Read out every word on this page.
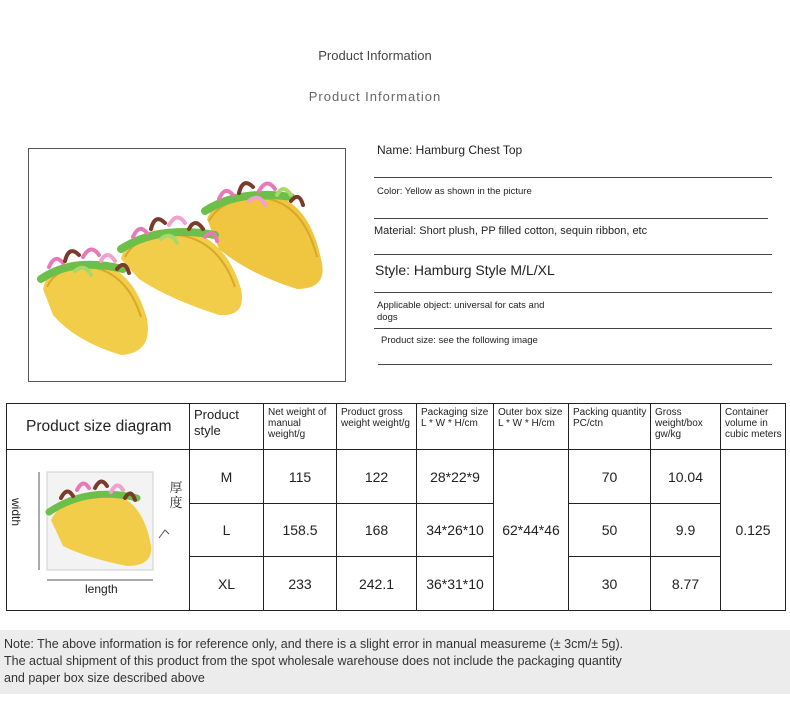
Product Information
Product Information
Name: Hamburg Chest Top
Color: Yellow as shown in the picture
Material: Short plush, PP filled cotton, sequin ribbon, etc
Style: Hamburg Style M/L/XL
Applicable object: universal for cats and dogs
Product size: see the following image
Product size diagram	Product style	Net weight of manual weight/g	Product gross weight weight/g	Packaging size L * W * H/cm	Outer box size L * W * H/cm	Packing quantity PC/ctn	Gross weight/box gw/kg	Container volume in cubic meters

width
length
厚度	M	115	122	28*22*9	62*44*46	70	10.04	0.125
	L	158.5	168	34*26*10		50	9.9	
	XL	233	242.1	36*31*10		30	8.77	
Note: The above information is for reference only, and there is a slight error in manual measureme (± 3cm/± 5g). The actual shipment of this product from the spot wholesale warehouse does not include the packaging quantity and paper box size described above
